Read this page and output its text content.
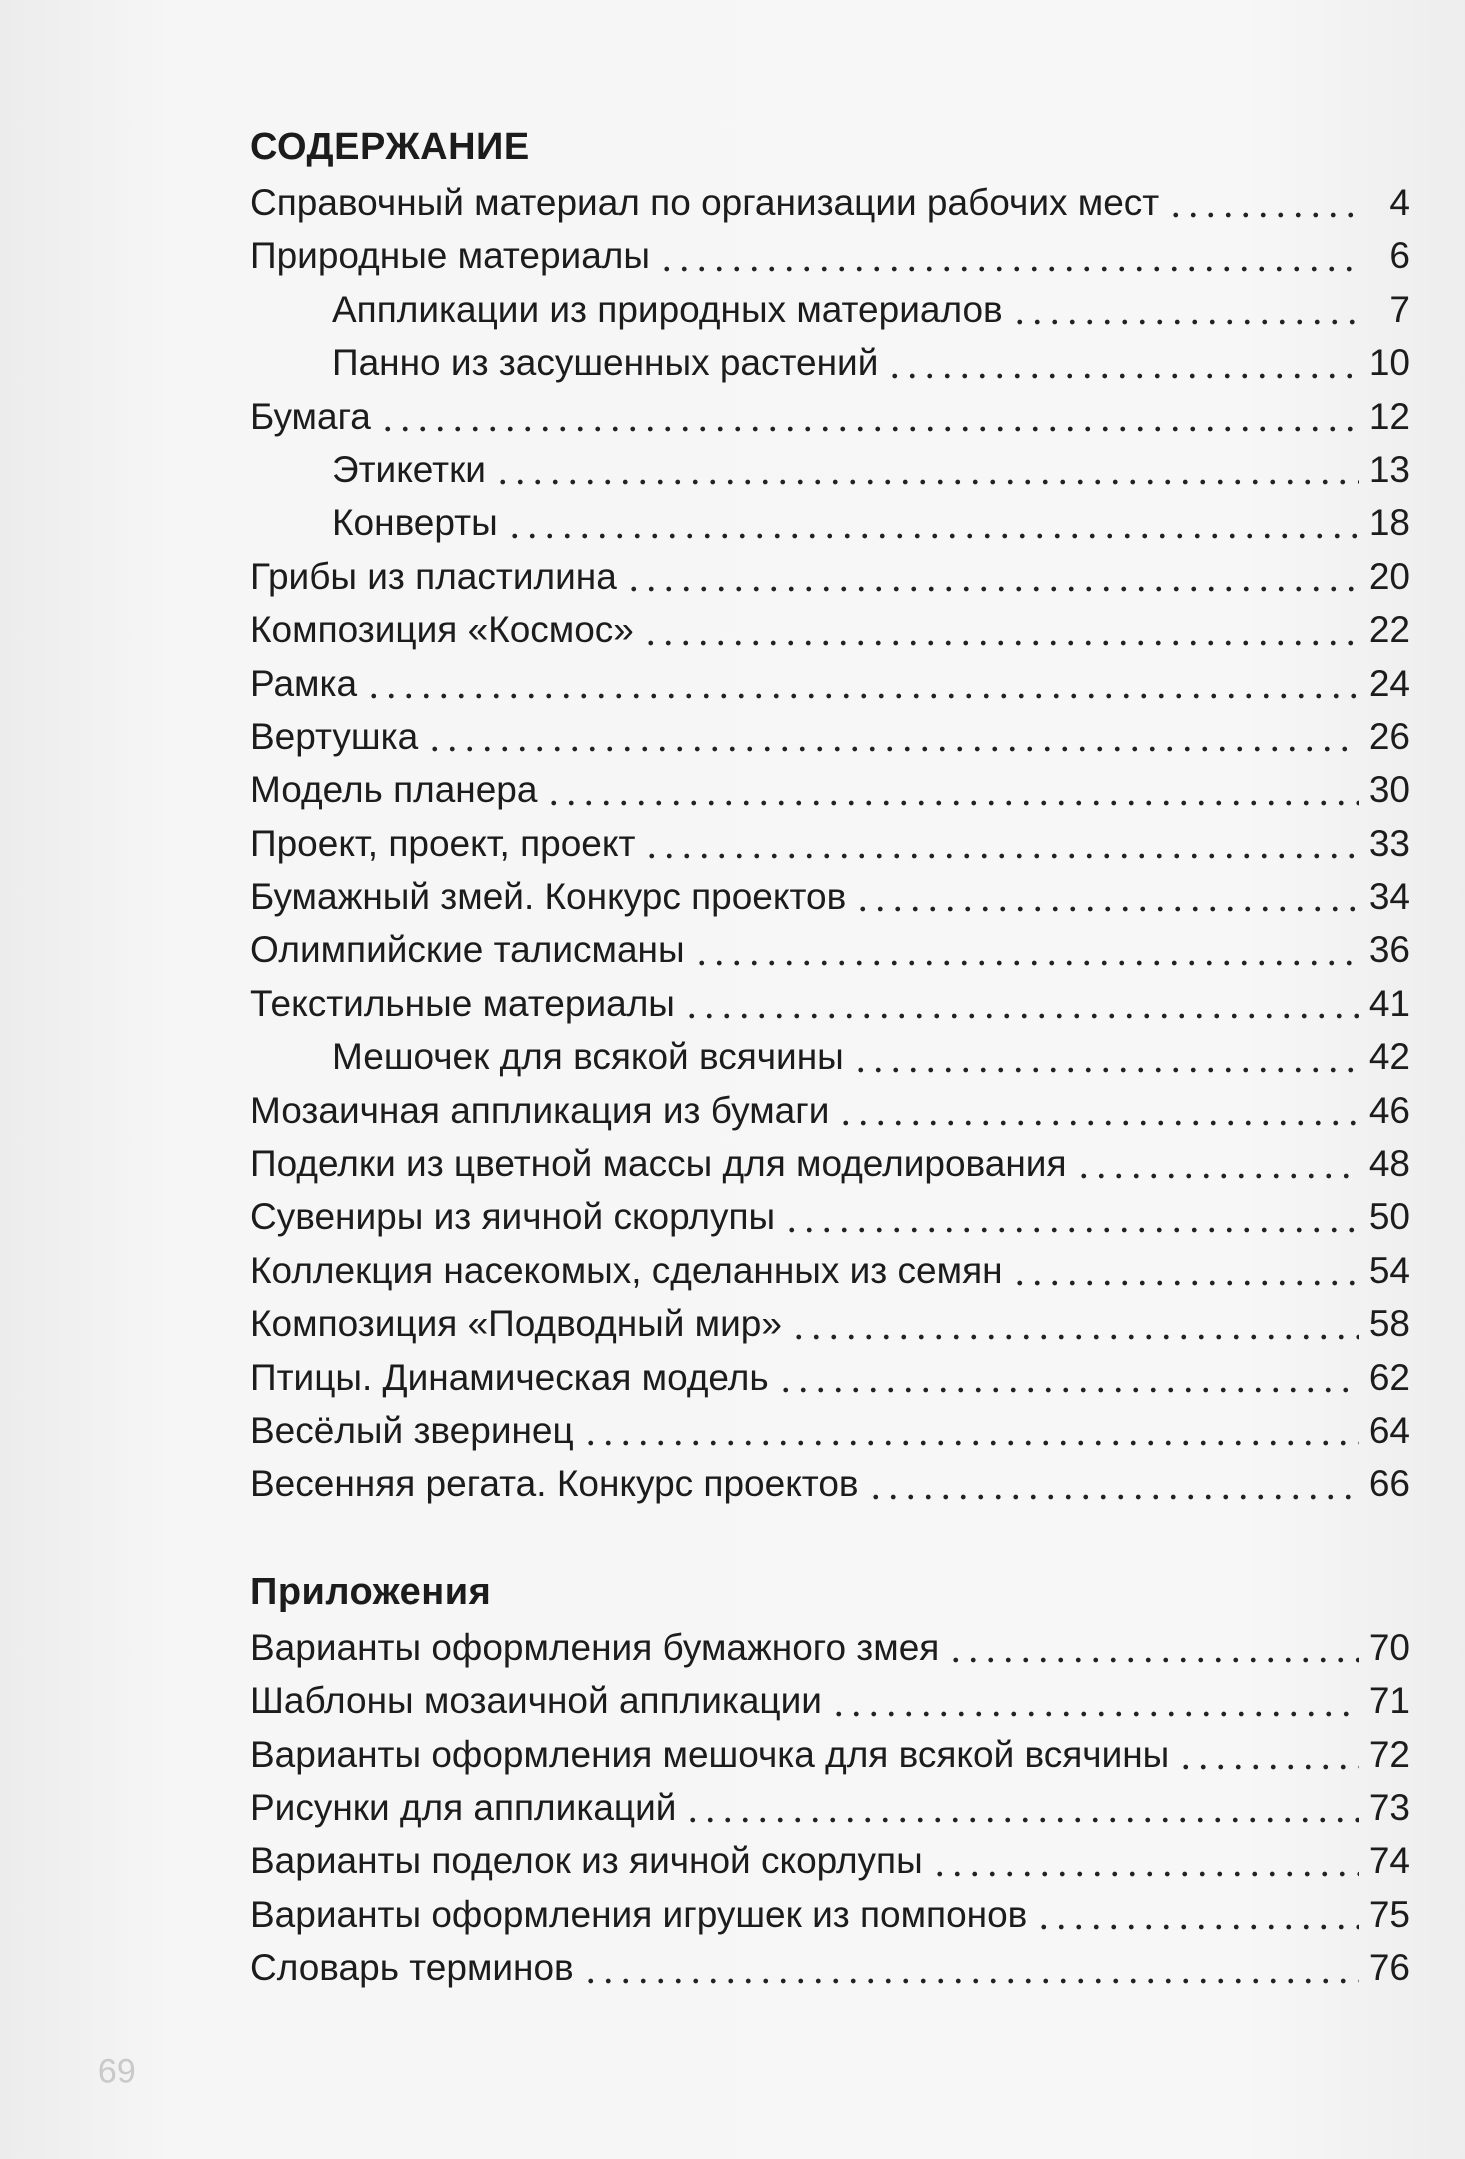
СОДЕРЖАНИЕ
Справочный материал по организации рабочих мест	4
Природные материалы	6
Аппликации из природных материалов	7
Панно из засушенных растений	10
Бумага	12
Этикетки	13
Конверты	18
Грибы из пластилина	20
Композиция «Космос»	22
Рамка	24
Вертушка	26
Модель планера	30
Проект, проект, проект	33
Бумажный змей. Конкурс проектов	34
Олимпийские талисманы	36
Текстильные материалы	41
Мешочек для всякой всячины	42
Мозаичная аппликация из бумаги	46
Поделки из цветной массы для моделирования	48
Сувениры из яичной скорлупы	50
Коллекция насекомых, сделанных из семян	54
Композиция «Подводный мир»	58
Птицы. Динамическая модель	62
Весёлый зверинец	64
Весенняя регата. Конкурс проектов	66
Приложения
Варианты оформления бумажного змея	70
Шаблоны мозаичной аппликации	71
Варианты оформления мешочка для всякой всячины	72
Рисунки для аппликаций	73
Варианты поделок из яичной скорлупы	74
Варианты оформления игрушек из помпонов	75
Словарь терминов	76
69
